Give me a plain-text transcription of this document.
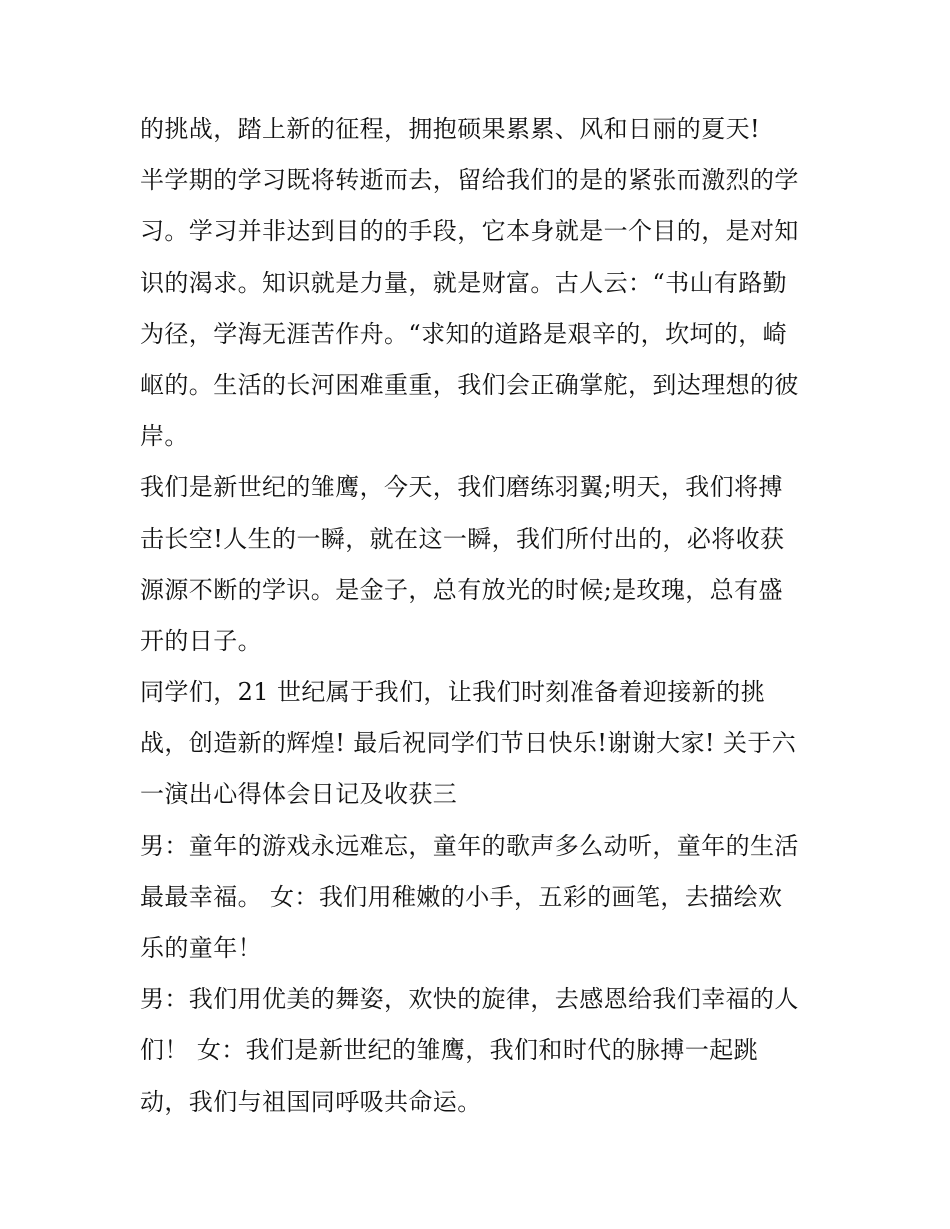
的挑战，踏上新的征程，拥抱硕果累累、风和日丽的夏天!
半学期的学习既将转逝而去，留给我们的是的紧张而激烈的学
习。学习并非达到目的的手段，它本身就是一个目的，是对知
识的渴求。知识就是力量，就是财富。古人云：“书山有路勤
为径，学海无涯苦作舟。“求知的道路是艰辛的，坎坷的，崎
岖的。生活的长河困难重重，我们会正确掌舵，到达理想的彼
岸。
我们是新世纪的雏鹰，今天，我们磨练羽翼;明天，我们将搏
击长空!人生的一瞬，就在这一瞬，我们所付出的，必将收获
源源不断的学识。是金子，总有放光的时候;是玫瑰，总有盛
开的日子。
同学们，21 世纪属于我们，让我们时刻准备着迎接新的挑
战，创造新的辉煌! 最后祝同学们节日快乐!谢谢大家! 关于六
一演出心得体会日记及收获三
男：童年的游戏永远难忘，童年的歌声多么动听，童年的生活
最最幸福。 女：我们用稚嫩的小手，五彩的画笔，去描绘欢
乐的童年！
男：我们用优美的舞姿，欢快的旋律，去感恩给我们幸福的人
们！ 女：我们是新世纪的雏鹰，我们和时代的脉搏一起跳
动，我们与祖国同呼吸共命运。
